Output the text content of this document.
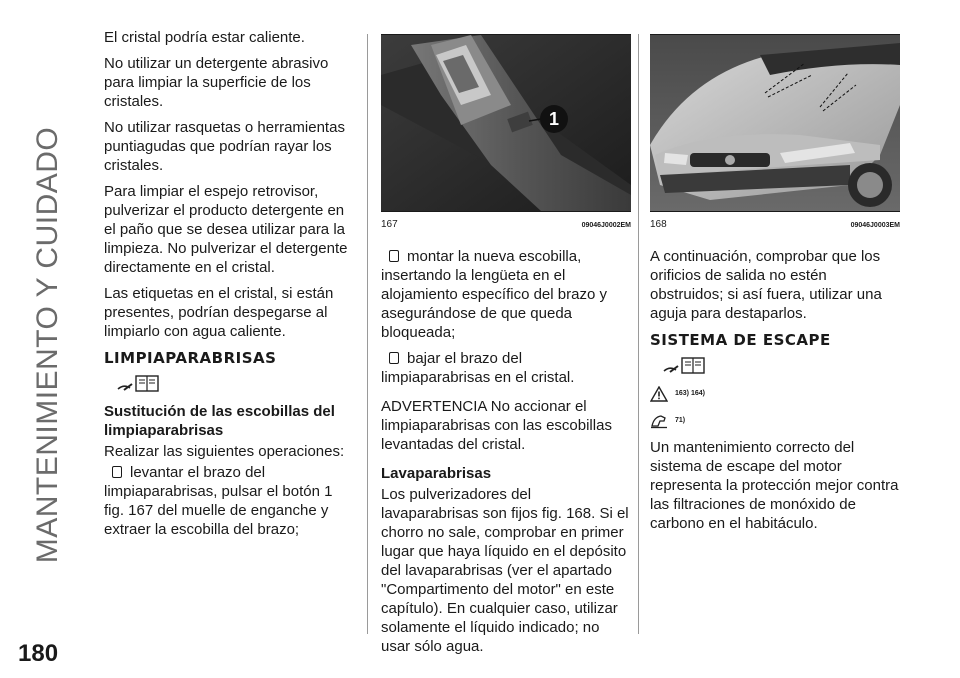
MANTENIMIENTO Y CUIDADO
180

El cristal podría estar caliente.

No utilizar un detergente abrasivo para limpiar la superficie de los cristales.

No utilizar rasquetas o herramientas puntiagudas que podrían rayar los cristales.

Para limpiar el espejo retrovisor, pulverizar el producto detergente en el paño que se desea utilizar para la limpieza. No pulverizar el detergente directamente en el cristal.

Las etiquetas en el cristal, si están presentes, podrían despegarse al limpiarlo con agua caliente.

LIMPIAPARABRISAS
Sustitución de las escobillas del limpiaparabrisas

Realizar las siguientes operaciones:

levantar el brazo del limpiaparabrisas, pulsar el botón 1 fig. 167 del muelle de enganche y extraer la escobilla del brazo;

1
167	09046J0002EM

montar la nueva escobilla, insertando la lengüeta en el alojamiento específico del brazo y asegurándose de que queda bloqueada;

bajar el brazo del limpiaparabrisas en el cristal.

ADVERTENCIA No accionar el limpiaparabrisas con las escobillas levantadas del cristal.

Lavaparabrisas

Los pulverizadores del lavaparabrisas son fijos fig. 168. Si el chorro no sale, comprobar en primer lugar que haya líquido en el depósito del lavaparabrisas (ver el apartado "Compartimento del motor" en este capítulo). En cualquier caso, utilizar solamente el líquido indicado; no usar sólo agua.

168	09046J0003EM

A continuación, comprobar que los orificios de salida no estén obstruidos; si así fuera, utilizar una aguja para destaparlos.

SISTEMA DE ESCAPE
163) 164)
71)

Un mantenimiento correcto del sistema de escape del motor representa la protección mejor contra las filtraciones de monóxido de carbono en el habitáculo.
